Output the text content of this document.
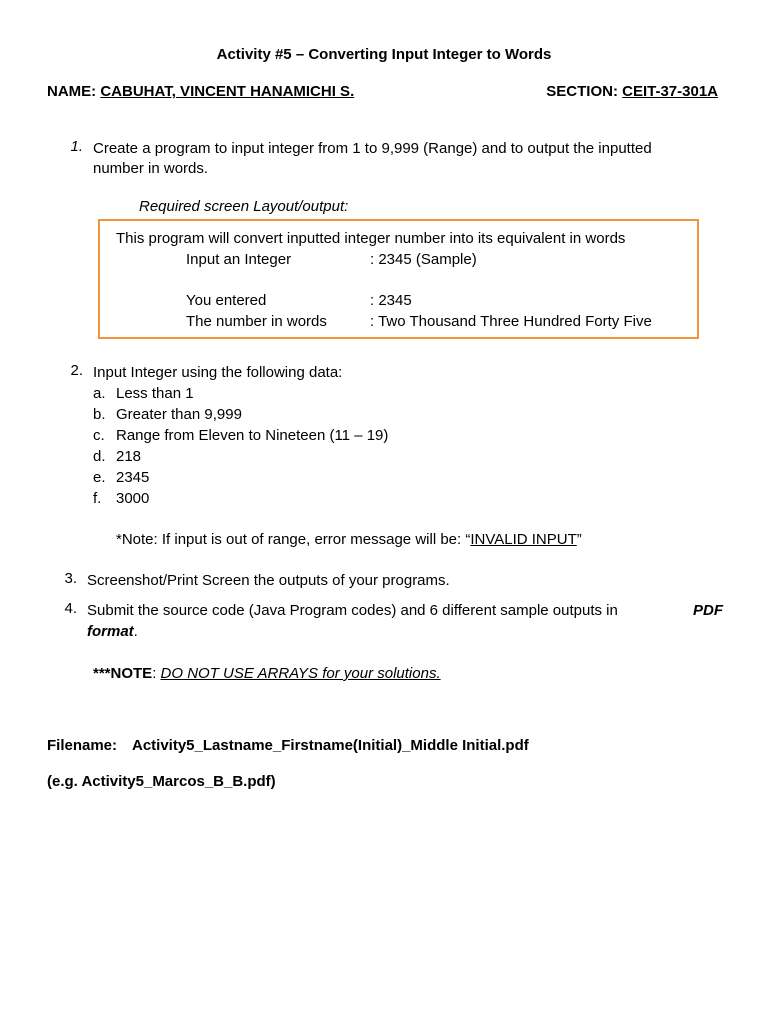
Activity #5 – Converting Input Integer to Words
NAME: CABUHAT, VINCENT HANAMICHI S.	SECTION: CEIT-37-301A
1. Create a program to input integer from 1 to 9,999 (Range) and to output the inputted
number in words.
Required screen Layout/output:
This program will convert inputted integer number into its equivalent in words
Input an Integer	: 2345 (Sample)
You entered	: 2345
The number in words	: Two Thousand Three Hundred Forty Five
2. Input Integer using the following data:
a. Less than 1
b. Greater than 9,999
c. Range from Eleven to Nineteen (11 – 19)
d. 218
e. 2345
f. 3000
*Note: If input is out of range, error message will be: “INVALID INPUT”
3. Screenshot/Print Screen the outputs of your programs.
4. Submit the source code (Java Program codes) and 6 different sample outputs in	PDF
format.
***NOTE: DO NOT USE ARRAYS for your solutions.
Filename: Activity5_Lastname_Firstname(Initial)_Middle Initial.pdf
(e.g. Activity5_Marcos_B_B.pdf)
